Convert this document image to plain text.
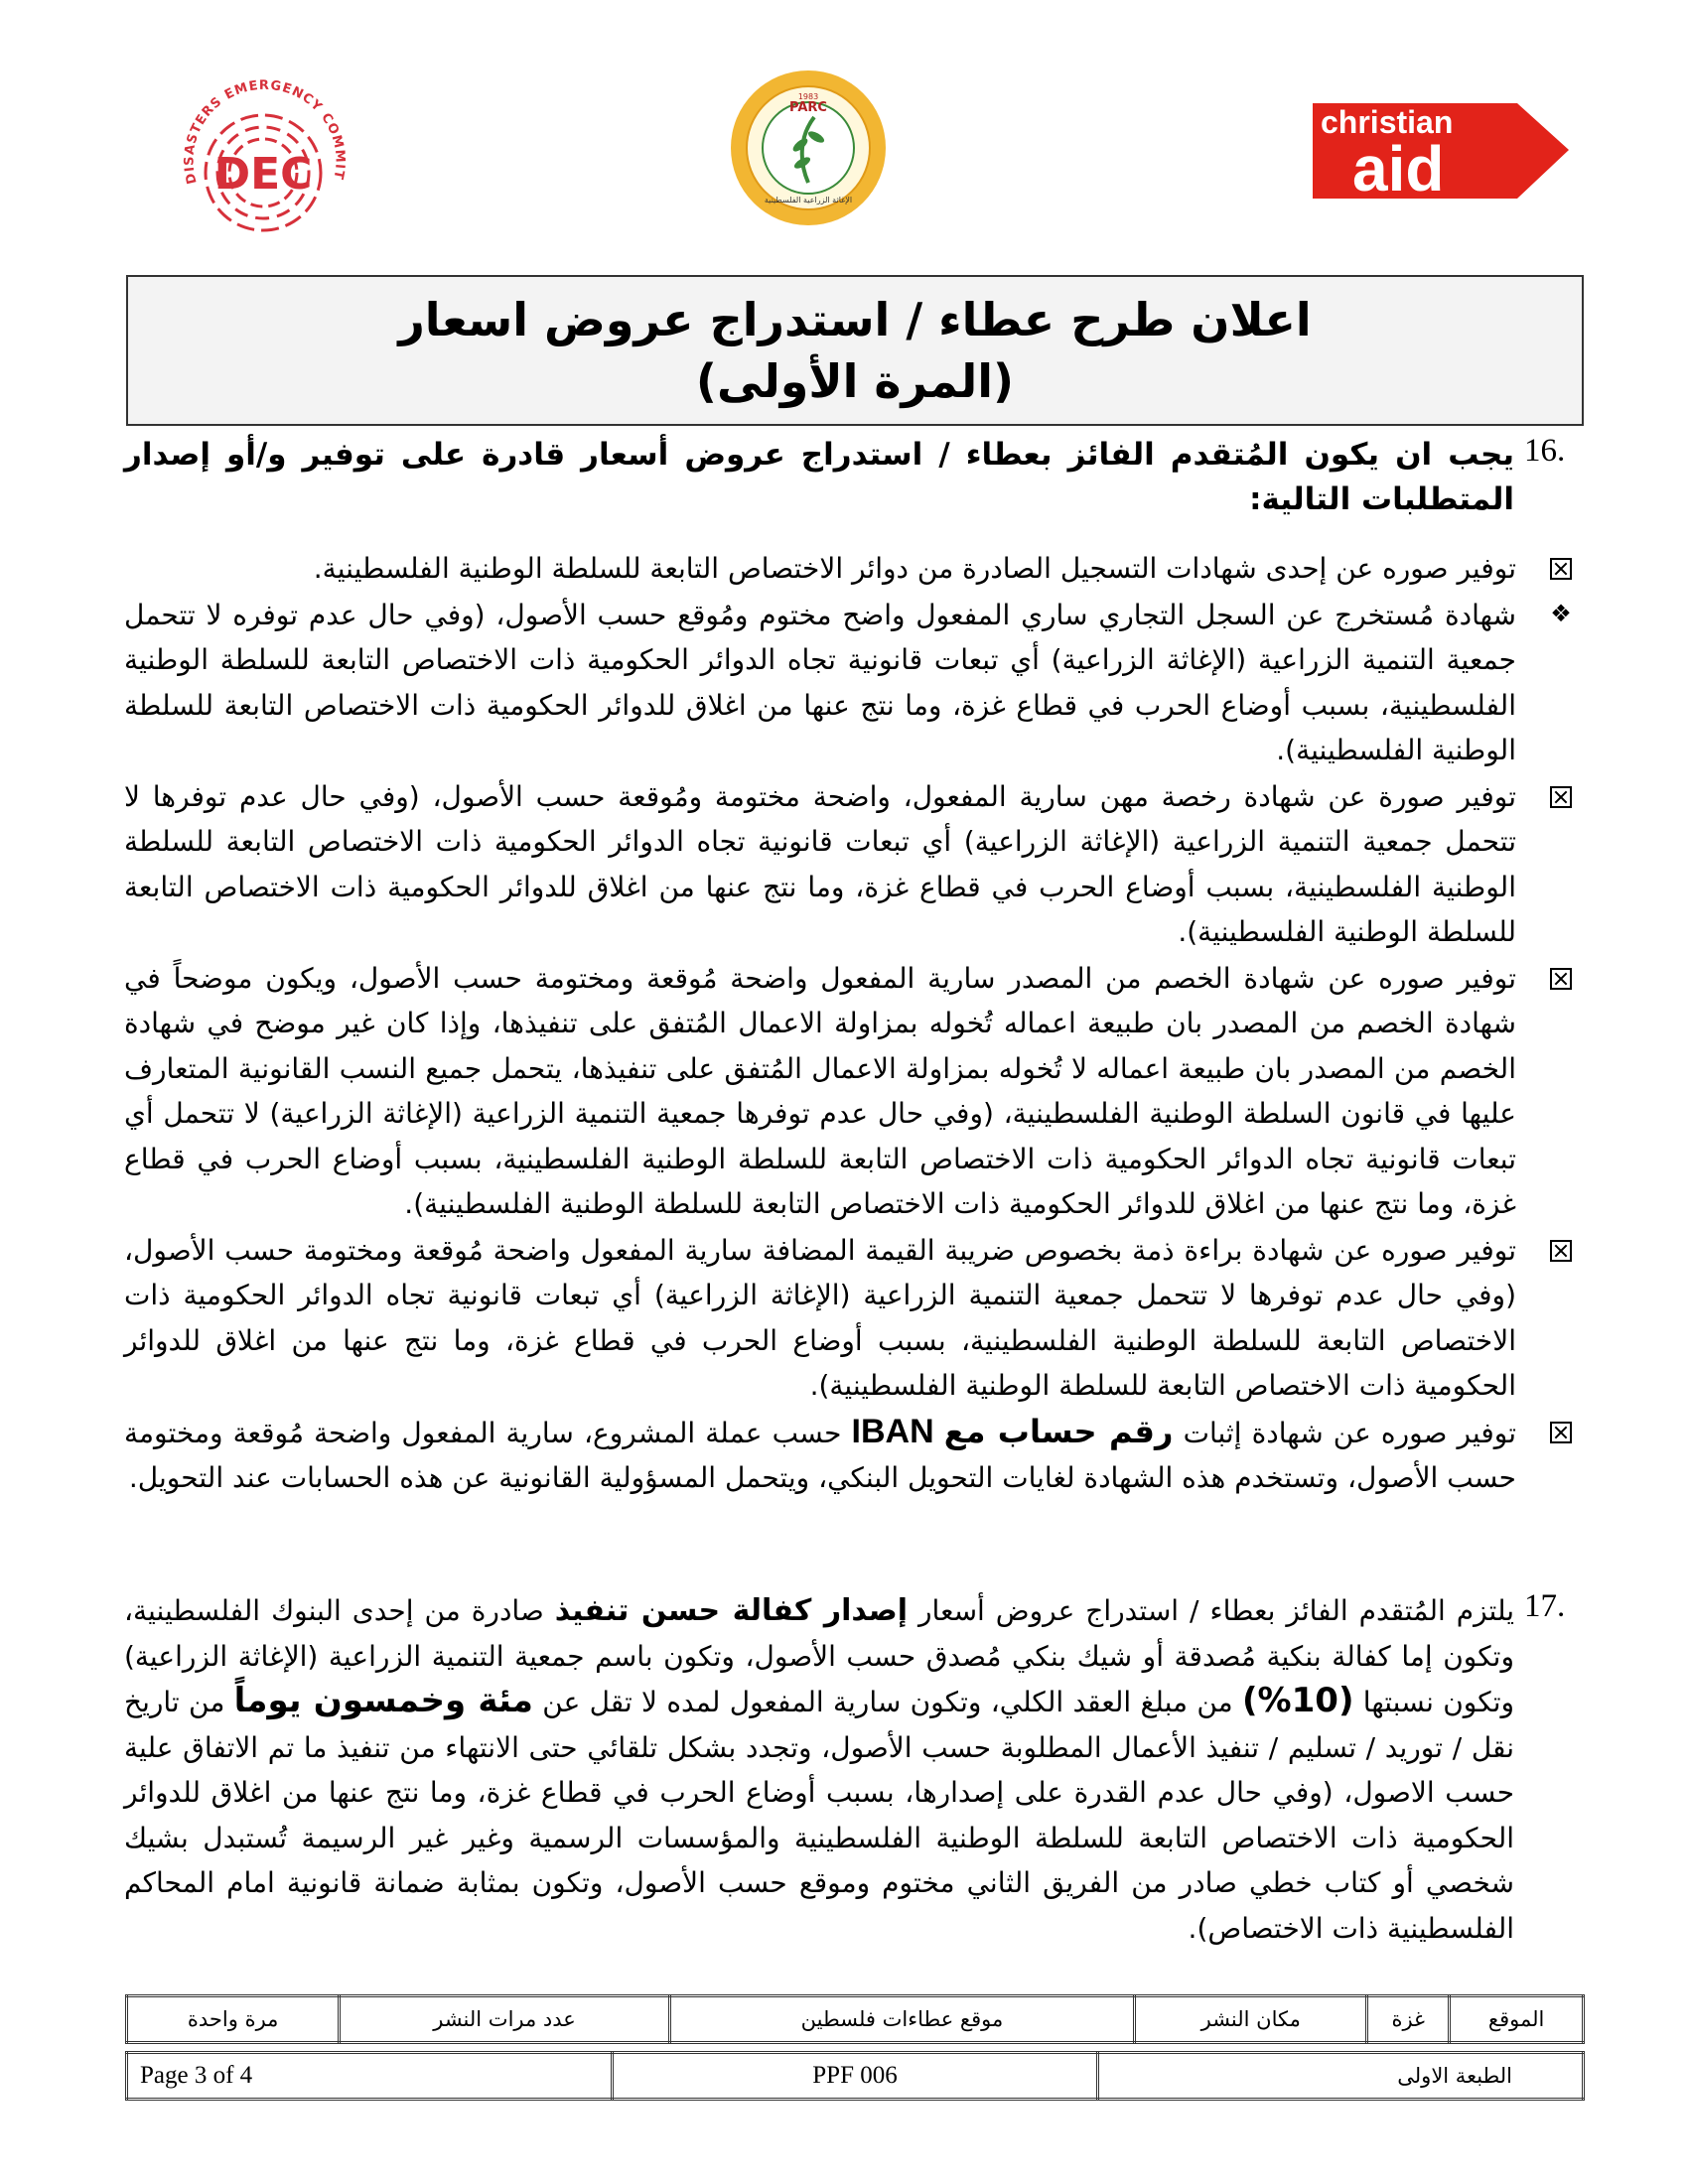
DISASTERS EMERGENCY COMMIT
DEC
PARC
1983
الإغاثة الزراعية الفلسطينية
christian
aid
اعلان طرح عطاء / استدراج عروض اسعار
(المرة الأولى)
16.
يجب ان يكون المُتقدم الفائز بعطاء / استدراج عروض أسعار قادرة على توفير و/أو إصدار المتطلبات التالية:
توفير صوره عن إحدى شهادات التسجيل الصادرة من دوائر الاختصاص التابعة للسلطة الوطنية الفلسطينية.
❖
شهادة مُستخرج عن السجل التجاري ساري المفعول واضح مختوم ومُوقع حسب الأصول، (وفي حال عدم توفره لا تتحمل جمعية التنمية الزراعية (الإغاثة الزراعية) أي تبعات قانونية تجاه الدوائر الحكومية ذات الاختصاص التابعة للسلطة الوطنية الفلسطينية، بسبب أوضاع الحرب في قطاع غزة، وما نتج عنها من اغلاق للدوائر الحكومية ذات الاختصاص التابعة للسلطة الوطنية الفلسطينية).
توفير صورة عن شهادة رخصة مهن سارية المفعول، واضحة مختومة ومُوقعة حسب الأصول، (وفي حال عدم توفرها لا تتحمل جمعية التنمية الزراعية (الإغاثة الزراعية) أي تبعات قانونية تجاه الدوائر الحكومية ذات الاختصاص التابعة للسلطة الوطنية الفلسطينية، بسبب أوضاع الحرب في قطاع غزة، وما نتج عنها من اغلاق للدوائر الحكومية ذات الاختصاص التابعة للسلطة الوطنية الفلسطينية).
توفير صوره عن شهادة الخصم من المصدر سارية المفعول واضحة مُوقعة ومختومة حسب الأصول، ويكون موضحاً في شهادة الخصم من المصدر بان طبيعة اعماله تُخوله بمزاولة الاعمال المُتفق على تنفيذها، وإذا كان غير موضح في شهادة الخصم من المصدر بان طبيعة اعماله لا تُخوله بمزاولة الاعمال المُتفق على تنفيذها، يتحمل جميع النسب القانونية المتعارف عليها في قانون السلطة الوطنية الفلسطينية، (وفي حال عدم توفرها جمعية التنمية الزراعية (الإغاثة الزراعية) لا تتحمل أي تبعات قانونية تجاه الدوائر الحكومية ذات الاختصاص التابعة للسلطة الوطنية الفلسطينية، بسبب أوضاع الحرب في قطاع غزة، وما نتج عنها من اغلاق للدوائر الحكومية ذات الاختصاص التابعة للسلطة الوطنية الفلسطينية).
توفير صوره عن شهادة براءة ذمة بخصوص ضريبة القيمة المضافة سارية المفعول واضحة مُوقعة ومختومة حسب الأصول، (وفي حال عدم توفرها لا تتحمل جمعية التنمية الزراعية (الإغاثة الزراعية) أي تبعات قانونية تجاه الدوائر الحكومية ذات الاختصاص التابعة للسلطة الوطنية الفلسطينية، بسبب أوضاع الحرب في قطاع غزة، وما نتج عنها من اغلاق للدوائر الحكومية ذات الاختصاص التابعة للسلطة الوطنية الفلسطينية).
توفير صوره عن شهادة إثبات رقم حساب مع IBAN حسب عملة المشروع، سارية المفعول واضحة مُوقعة ومختومة حسب الأصول، وتستخدم هذه الشهادة لغايات التحويل البنكي، ويتحمل المسؤولية القانونية عن هذه الحسابات عند التحويل.
17.
يلتزم المُتقدم الفائز بعطاء / استدراج عروض أسعار إصدار كفالة حسن تنفيذ صادرة من إحدى البنوك الفلسطينية، وتكون إما كفالة بنكية مُصدقة أو شيك بنكي مُصدق حسب الأصول، وتكون باسم جمعية التنمية الزراعية (الإغاثة الزراعية) وتكون نسبتها (10%) من مبلغ العقد الكلي، وتكون سارية المفعول لمده لا تقل عن مئة وخمسون يوماً من تاريخ نقل / توريد / تسليم / تنفيذ الأعمال المطلوبة حسب الأصول، وتجدد بشكل تلقائي حتى الانتهاء من تنفيذ ما تم الاتفاق علية حسب الاصول، (وفي حال عدم القدرة على إصدارها، بسبب أوضاع الحرب في قطاع غزة، وما نتج عنها من اغلاق للدوائر الحكومية ذات الاختصاص التابعة للسلطة الوطنية الفلسطينية والمؤسسات الرسمية وغير غير الرسيمة تُستبدل بشيك شخصي أو كتاب خطي صادر من الفريق الثاني مختوم وموقع حسب الأصول، وتكون بمثابة ضمانة قانونية امام المحاكم الفلسطينية ذات الاختصاص).
الموقع	غزة	مكان النشر	موقع عطاءات فلسطين	عدد مرات النشر	مرة واحدة
الطبعة الاولى	PPF 006	Page 3 of 4
